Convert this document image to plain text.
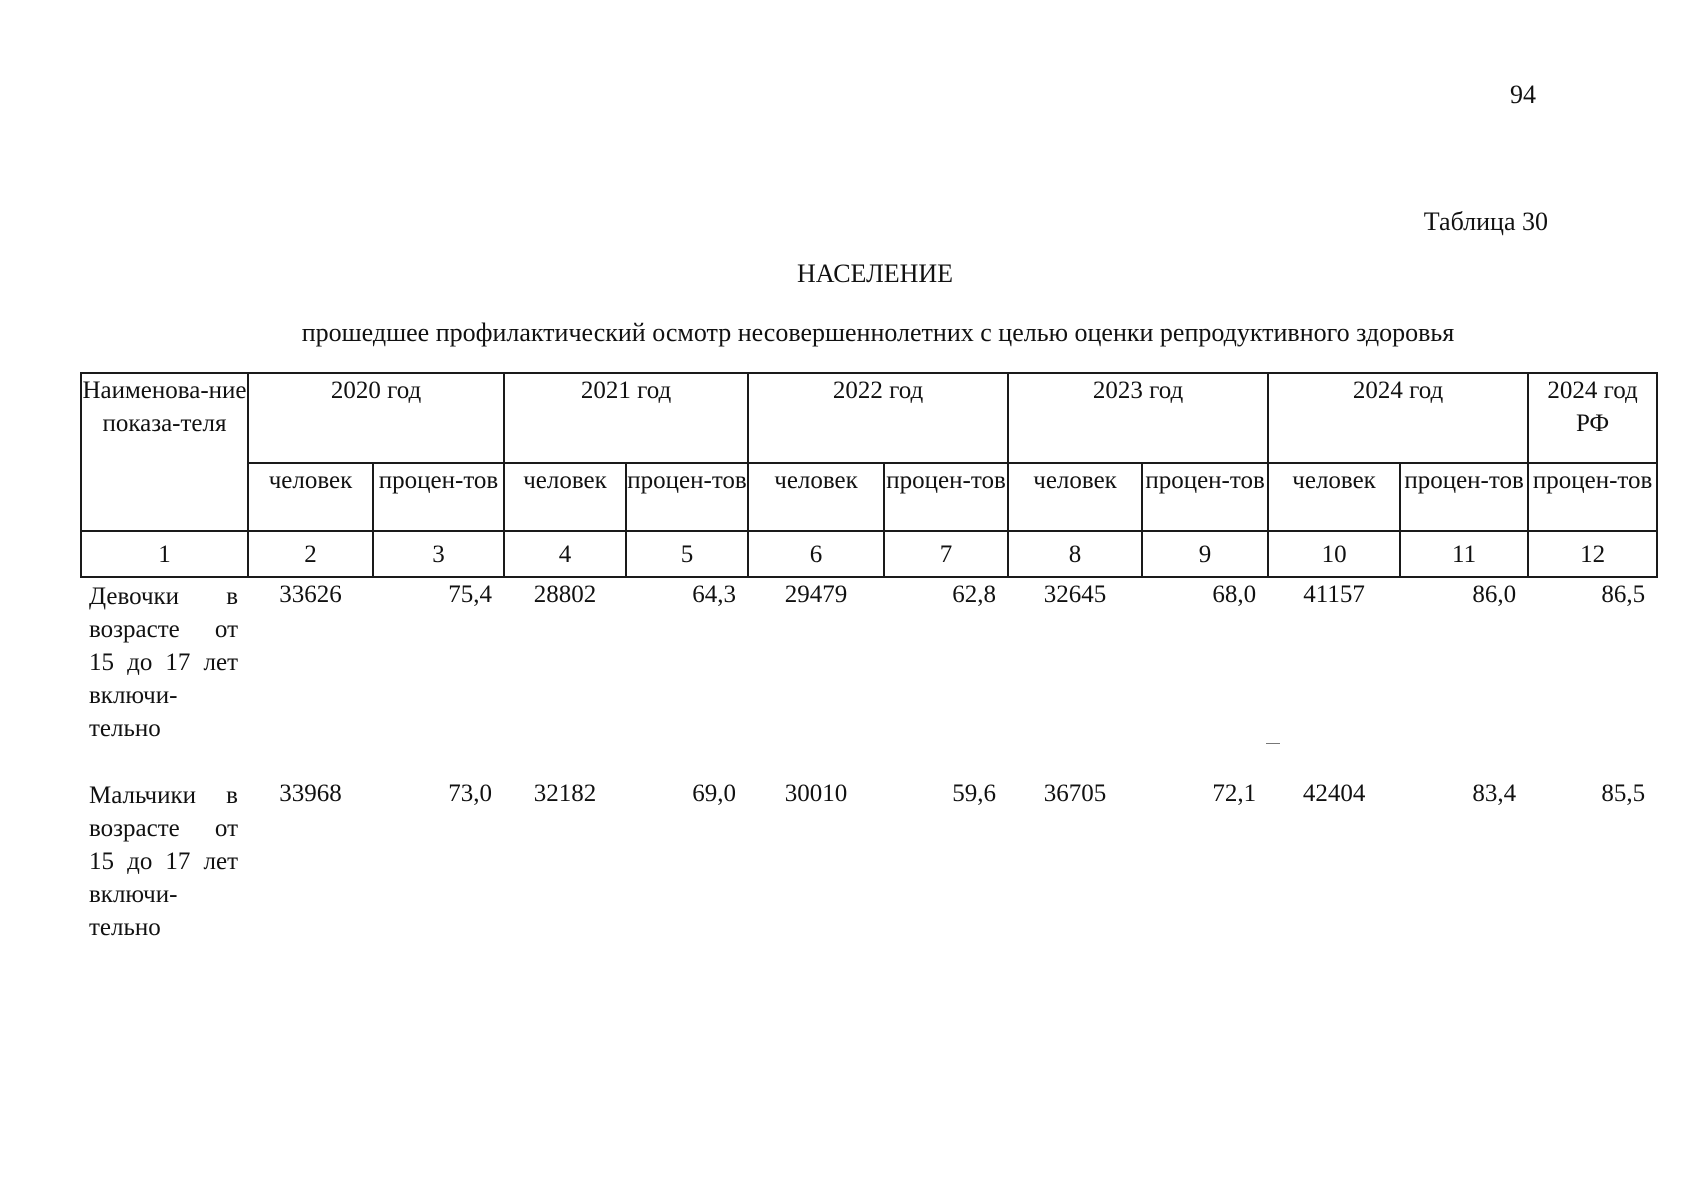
94
Таблица 30
НАСЕЛЕНИЕ
прошедшее профилактический осмотр несовершеннолетних с целью оценки репродуктивного здоровья
Наименова-ние показа-теля	2020 год		2021 год		2022 год		2023 год		2024 год		2024 год РФ
	человек	процен-тов	человек	процен-тов	человек	процен-тов	человек	процен-тов	человек	процен-тов	процен-тов
1	2	3	4	5	6	7	8	9	10	11	12
Девочки в возрасте от 15 до 17 лет включи-тельно	33626	75,4	28802	64,3	29479	62,8	32645	68,0	41157	86,0	86,5
Мальчики в возрасте от 15 до 17 лет включи-тельно	33968	73,0	32182	69,0	30010	59,6	36705	72,1	42404	83,4	85,5
